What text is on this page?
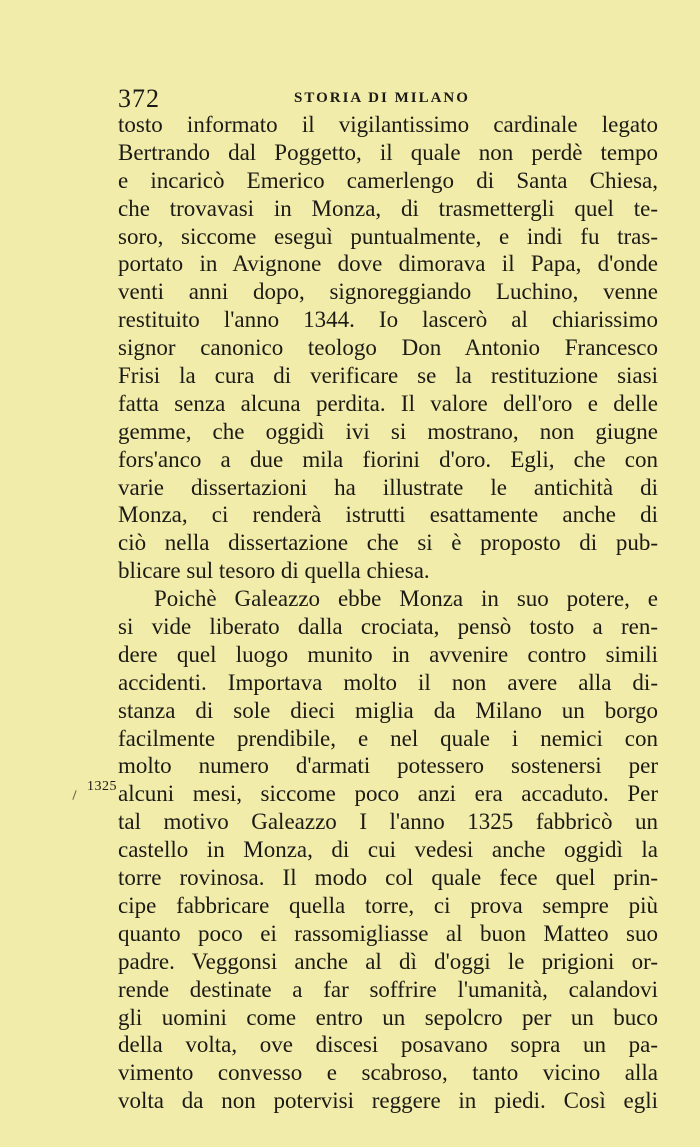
372	STORIA DI MILANO
1325
tosto informato il vigilantissimo cardinale legato
Bertrando dal Poggetto, il quale non perdè tempo
e incaricò Emerico camerlengo di Santa Chiesa,
che trovavasi in Monza, di trasmettergli quel te-
soro, siccome eseguì puntualmente, e indi fu tras-
portato in Avignone dove dimorava il Papa, d'onde
venti anni dopo, signoreggiando Luchino, venne
restituito l'anno 1344. Io lascerò al chiarissimo
signor canonico teologo Don Antonio Francesco
Frisi la cura di verificare se la restituzione siasi
fatta senza alcuna perdita. Il valore dell'oro e delle
gemme, che oggidì ivi si mostrano, non giugne
fors'anco a due mila fiorini d'oro. Egli, che con
varie dissertazioni ha illustrate le antichità di
Monza, ci renderà istrutti esattamente anche di
ciò nella dissertazione che si è proposto di pub-
blicare sul tesoro di quella chiesa.
Poichè Galeazzo ebbe Monza in suo potere, e
si vide liberato dalla crociata, pensò tosto a ren-
dere quel luogo munito in avvenire contro simili
accidenti. Importava molto il non avere alla di-
stanza di sole dieci miglia da Milano un borgo
facilmente prendibile, e nel quale i nemici con
molto numero d'armati potessero sostenersi per
alcuni mesi, siccome poco anzi era accaduto. Per
tal motivo Galeazzo I l'anno 1325 fabbricò un
castello in Monza, di cui vedesi anche oggidì la
torre rovinosa. Il modo col quale fece quel prin-
cipe fabbricare quella torre, ci prova sempre più
quanto poco ei rassomigliasse al buon Matteo suo
padre. Veggonsi anche al dì d'oggi le prigioni or-
rende destinate a far soffrire l'umanità, calandovi
gli uomini come entro un sepolcro per un buco
della volta, ove discesi posavano sopra un pa-
vimento convesso e scabroso, tanto vicino alla
volta da non potervisi reggere in piedi. Così egli
